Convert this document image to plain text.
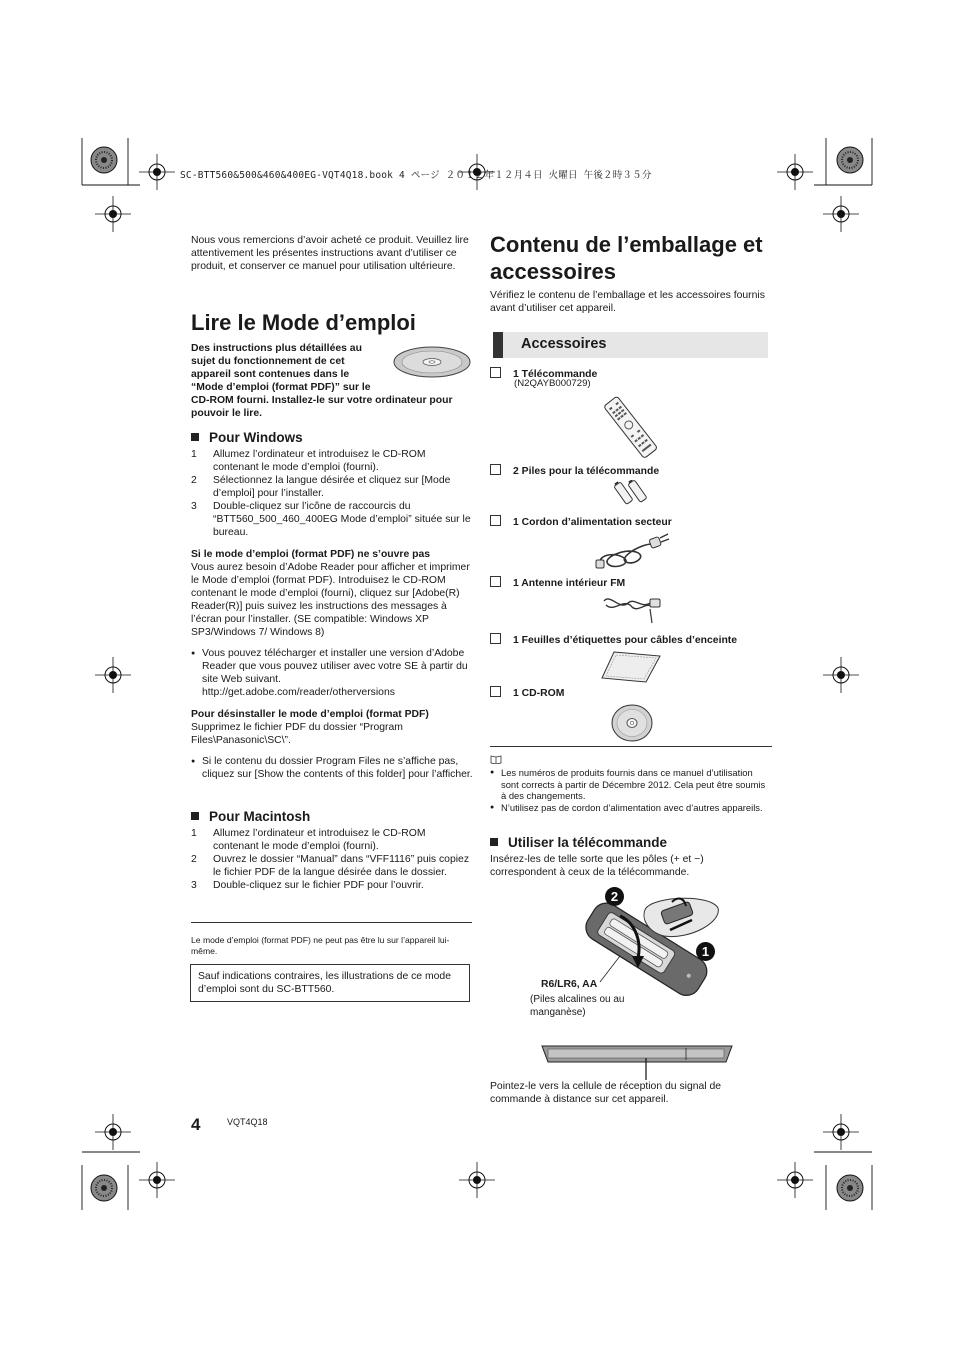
SC-BTT560&500&460&400EG-VQT4Q18.book 4 ページ ２０１２年１２月４日 火曜日 午後２時３５分

Nous vous remercions d’avoir acheté ce produit. Veuillez lire attentivement les présentes instructions avant d’utiliser ce produit, et conserver ce manuel pour utilisation ultérieure.

Lire le Mode d’emploi

Des instructions plus détaillées au sujet du fonctionnement de cet appareil sont contenues dans le “Mode d’emploi (format PDF)” sur le CD-ROM fourni. Installez-le sur votre ordinateur pour pouvoir le lire.

Pour Windows
1 Allumez l’ordinateur et introduisez le CD-ROM contenant le mode d’emploi (fourni).
2 Sélectionnez la langue désirée et cliquez sur [Mode d’emploi] pour l’installer.
3 Double-cliquez sur l’icône de raccourcis du “BTT560_500_460_400EG Mode d’emploi” située sur le bureau.

Si le mode d’emploi (format PDF) ne s’ouvre pas

Vous aurez besoin d’Adobe Reader pour afficher et imprimer le Mode d’emploi (format PDF). Introduisez le CD-ROM contenant le mode d’emploi (fourni), cliquez sur [Adobe(R) Reader(R)] puis suivez les instructions des messages à l’écran pour l’installer. (SE compatible: Windows XP SP3/Windows 7/ Windows 8)

● Vous pouvez télécharger et installer une version d’Adobe Reader que vous pouvez utiliser avec votre SE à partir du site Web suivant.
http://get.adobe.com/reader/otherversions

Pour désinstaller le mode d’emploi (format PDF)

Supprimez le fichier PDF du dossier “Program Files\Panasonic\SC\”.

● Si le contenu du dossier Program Files ne s’affiche pas, cliquez sur [Show the contents of this folder] pour l’afficher.
Pour Macintosh
1 Allumez l’ordinateur et introduisez le CD-ROM contenant le mode d’emploi (fourni).
2 Ouvrez le dossier “Manual” dans “VFF1116” puis copiez le fichier PDF de la langue désirée dans le dossier.
3 Double-cliquez sur le fichier PDF pour l’ouvrir.

Le mode d’emploi (format PDF) ne peut pas être lu sur l’appareil lui-même.

Sauf indications contraires, les illustrations de ce mode d’emploi sont du SC-BTT560.

Contenu de l’emballage et accessoires

Vérifiez le contenu de l’emballage et les accessoires fournis avant d’utiliser cet appareil.

Accessoires
1 Télécommande
(N2QAYB000729)
2 Piles pour la télécommande
1 Cordon d’alimentation secteur
1 Antenne intérieur FM
1 Feuilles d’étiquettes pour câbles d’enceinte
1 CD-ROM
● Les numéros de produits fournis dans ce manuel d’utilisation sont corrects à partir de Décembre 2012. Cela peut être soumis à des changements.
● N’utilisez pas de cordon d’alimentation avec d’autres appareils.
Utiliser la télécommande

Insérez-les de telle sorte que les pôles (+ et −) correspondent à ceux de la télécommande.

2
1
R6/LR6, AA
(Piles alcalines ou au manganèse)

Pointez-le vers la cellule de réception du signal de commande à distance sur cet appareil.

4	VQT4Q18
